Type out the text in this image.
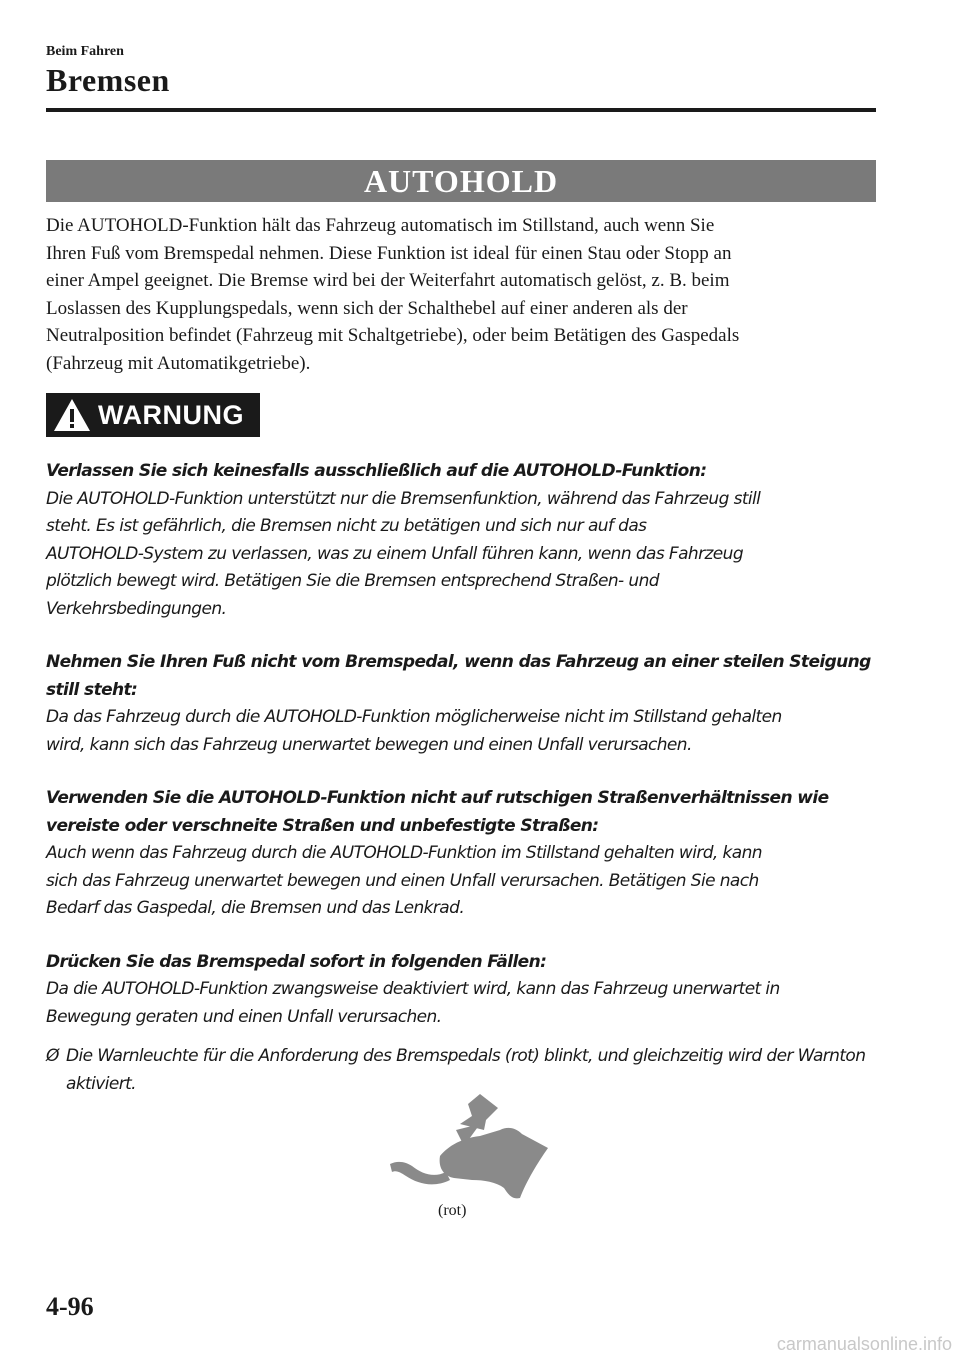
Beim Fahren
Bremsen
AUTOHOLD

Die AUTOHOLD-Funktion hält das Fahrzeug automatisch im Stillstand, auch wenn Sie
Ihren Fuß vom Bremspedal nehmen. Diese Funktion ist ideal für einen Stau oder Stopp an
einer Ampel geeignet. Die Bremse wird bei der Weiterfahrt automatisch gelöst, z. B. beim
Loslassen des Kupplungspedals, wenn sich der Schalthebel auf einer anderen als der
Neutralposition befindet (Fahrzeug mit Schaltgetriebe), oder beim Betätigen des Gaspedals
(Fahrzeug mit Automatikgetriebe).

WARNUNG
Verlassen Sie sich keinesfalls ausschließlich auf die AUTOHOLD-Funktion:
Die AUTOHOLD-Funktion unterstützt nur die Bremsenfunktion, während das Fahrzeug still
steht. Es ist gefährlich, die Bremsen nicht zu betätigen und sich nur auf das
AUTOHOLD-System zu verlassen, was zu einem Unfall führen kann, wenn das Fahrzeug
plötzlich bewegt wird. Betätigen Sie die Bremsen entsprechend Straßen- und
Verkehrsbedingungen.
Nehmen Sie Ihren Fuß nicht vom Bremspedal, wenn das Fahrzeug an einer steilen Steigung still steht:
Da das Fahrzeug durch die AUTOHOLD-Funktion möglicherweise nicht im Stillstand gehalten
wird, kann sich das Fahrzeug unerwartet bewegen und einen Unfall verursachen.
Verwenden Sie die AUTOHOLD-Funktion nicht auf rutschigen Straßenverhältnissen wie vereiste oder verschneite Straßen und unbefestigte Straßen:
Auch wenn das Fahrzeug durch die AUTOHOLD-Funktion im Stillstand gehalten wird, kann
sich das Fahrzeug unerwartet bewegen und einen Unfall verursachen. Betätigen Sie nach
Bedarf das Gaspedal, die Bremsen und das Lenkrad.
Drücken Sie das Bremspedal sofort in folgenden Fällen:
Da die AUTOHOLD-Funktion zwangsweise deaktiviert wird, kann das Fahrzeug unerwartet in
Bewegung geraten und einen Unfall verursachen.
Ø Die Warnleuchte für die Anforderung des Bremspedals (rot) blinkt, und gleichzeitig wird der Warnton aktiviert.
(rot)
4-96
carmanualsonline.info
